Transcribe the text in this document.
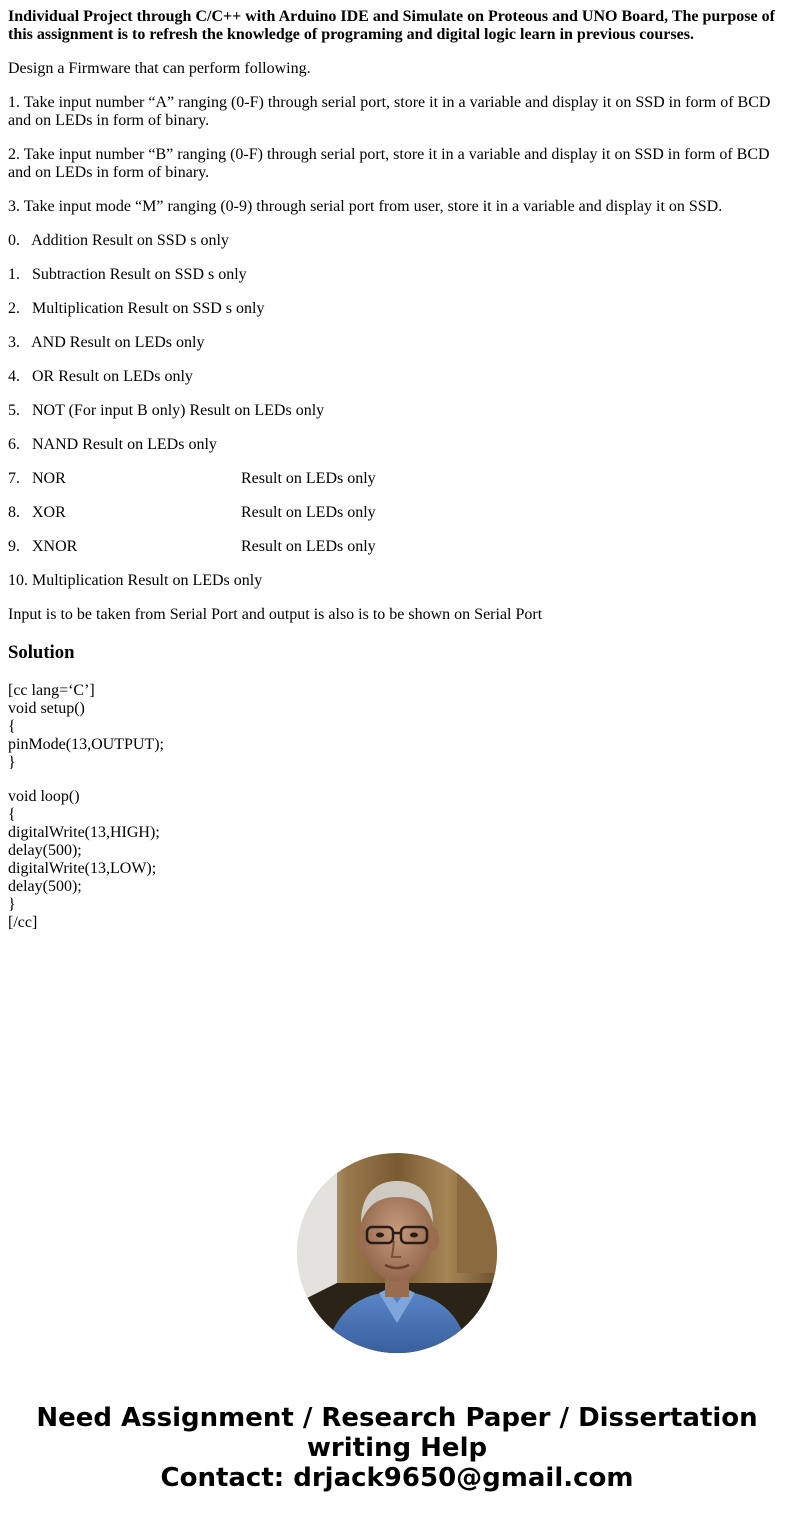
Individual Project through C/C++ with Arduino IDE and Simulate on Proteous and UNO Board, The purpose of this assignment is to refresh the knowledge of programing and digital logic learn in previous courses.

Design a Firmware that can perform following.

1. Take input number “A” ranging (0-F) through serial port, store it in a variable and display it on SSD in form of BCD and on LEDs in form of binary.

2. Take input number “B” ranging (0-F) through serial port, store it in a variable and display it on SSD in form of BCD and on LEDs in form of binary.

3. Take input mode “M” ranging (0-9) through serial port from user, store it in a variable and display it on SSD.

0.   Addition Result on SSD s only

1.   Subtraction Result on SSD s only

2.   Multiplication Result on SSD s only

3.   AND Result on LEDs only

4.   OR Result on LEDs only

5.   NOT (For input B only) Result on LEDs only

6.   NAND Result on LEDs only

7.   NOR	Result on LEDs only

8.   XOR	Result on LEDs only

9.   XNOR	Result on LEDs only

10. Multiplication Result on LEDs only

Input is to be taken from Serial Port and output is also is to be shown on Serial Port

Solution
[cc lang=‘C’]
void setup()
{
pinMode(13,OUTPUT);
}
void loop()
{
digitalWrite(13,HIGH);
delay(500);
digitalWrite(13,LOW);
delay(500);
}
[/cc]
Need Assignment / Research Paper / Dissertation
writing Help
Contact: drjack9650@gmail.com
